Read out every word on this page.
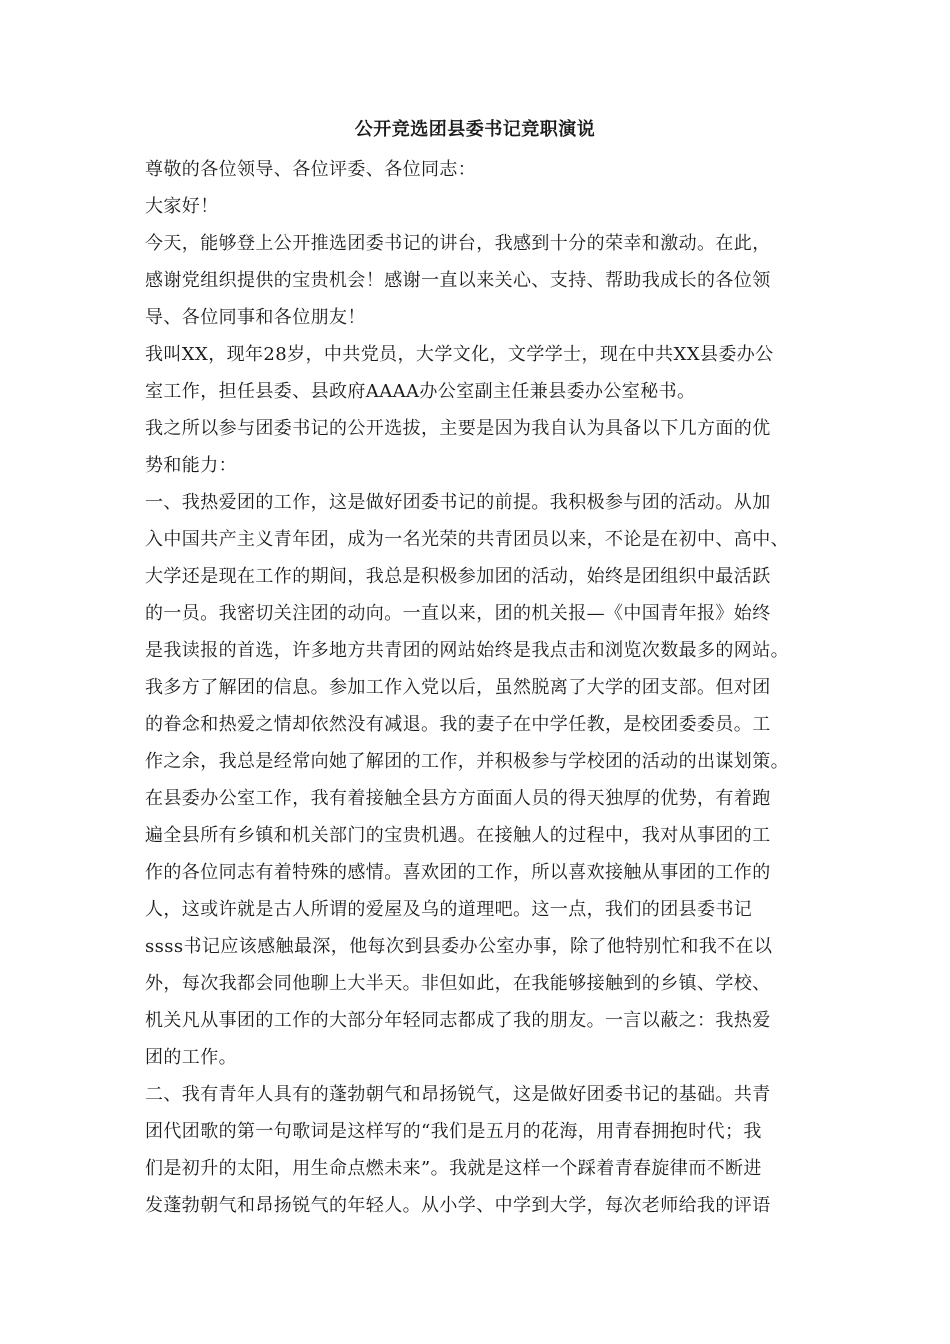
公开竞选团县委书记竞职演说

尊敬的各位领导、各位评委、各位同志：

大家好！

今天，能够登上公开推选团委书记的讲台，我感到十分的荣幸和激动。在此，
感谢党组织提供的宝贵机会！感谢一直以来关心、支持、帮助我成长的各位领
导、各位同事和各位朋友！

我叫XX，现年28岁，中共党员，大学文化，文学学士，现在中共XX县委办公
室工作，担任县委、县政府AAAA办公室副主任兼县委办公室秘书。

我之所以参与团委书记的公开选拔，主要是因为我自认为具备以下几方面的优
势和能力：

一、我热爱团的工作，这是做好团委书记的前提。我积极参与团的活动。从加
入中国共产主义青年团，成为一名光荣的共青团员以来，不论是在初中、高中、
大学还是现在工作的期间，我总是积极参加团的活动，始终是团组织中最活跃
的一员。我密切关注团的动向。一直以来，团的机关报—《中国青年报》始终
是我读报的首选，许多地方共青团的网站始终是我点击和浏览次数最多的网站。
我多方了解团的信息。参加工作入党以后，虽然脱离了大学的团支部。但对团
的眷念和热爱之情却依然没有减退。我的妻子在中学任教，是校团委委员。工
作之余，我总是经常向她了解团的工作，并积极参与学校团的活动的出谋划策。
在县委办公室工作，我有着接触全县方方面面人员的得天独厚的优势，有着跑
遍全县所有乡镇和机关部门的宝贵机遇。在接触人的过程中，我对从事团的工
作的各位同志有着特殊的感情。喜欢团的工作，所以喜欢接触从事团的工作的
人，这或许就是古人所谓的爱屋及乌的道理吧。这一点，我们的团县委书记
ssss书记应该感触最深，他每次到县委办公室办事，除了他特别忙和我不在以
外，每次我都会同他聊上大半天。非但如此，在我能够接触到的乡镇、学校、
机关凡从事团的工作的大部分年轻同志都成了我的朋友。一言以蔽之：我热爱
团的工作。

二、我有青年人具有的蓬勃朝气和昂扬锐气，这是做好团委书记的基础。共青
团代团歌的第一句歌词是这样写的“我们是五月的花海，用青春拥抱时代；我
们是初升的太阳，用生命点燃未来”。我就是这样一个踩着青春旋律而不断进
发蓬勃朝气和昂扬锐气的年轻人。从小学、中学到大学，每次老师给我的评语
